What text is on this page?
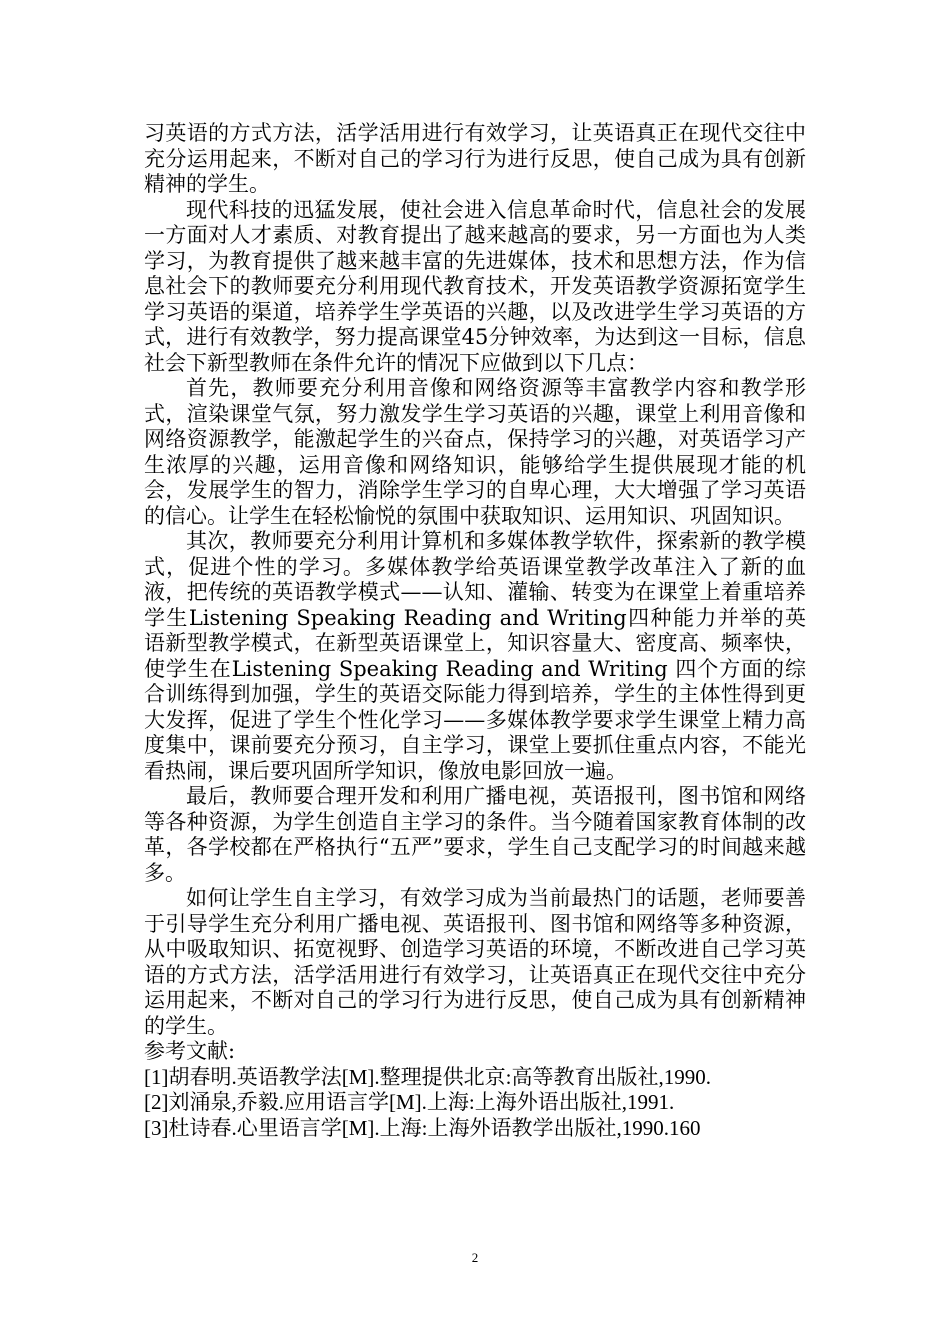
习英语的方式方法，活学活用进行有效学习，让英语真正在现代交往中充分运用起来，不断对自己的学习行为进行反思，使自己成为具有创新精神的学生。

现代科技的迅猛发展，使社会进入信息革命时代，信息社会的发展一方面对人才素质、对教育提出了越来越高的要求，另一方面也为人类学习，为教育提供了越来越丰富的先进媒体，技术和思想方法，作为信息社会下的教师要充分利用现代教育技术，开发英语教学资源拓宽学生学习英语的渠道，培养学生学英语的兴趣，以及改进学生学习英语的方式，进行有效教学，努力提高课堂45分钟效率，为达到这一目标，信息社会下新型教师在条件允许的情况下应做到以下几点：

首先，教师要充分利用音像和网络资源等丰富教学内容和教学形式，渲染课堂气氛，努力激发学生学习英语的兴趣，课堂上利用音像和网络资源教学，能激起学生的兴奋点，保持学习的兴趣，对英语学习产生浓厚的兴趣，运用音像和网络知识，能够给学生提供展现才能的机会，发展学生的智力，消除学生学习的自卑心理，大大增强了学习英语的信心。让学生在轻松愉悦的氛围中获取知识、运用知识、巩固知识。

其次，教师要充分利用计算机和多媒体教学软件，探索新的教学模式，促进个性的学习。多媒体教学给英语课堂教学改革注入了新的血液，把传统的英语教学模式——认知、灌输、转变为在课堂上着重培养学生Listening Speaking Reading and Writing四种能力并举的英语新型教学模式，在新型英语课堂上，知识容量大、密度高、频率快，使学生在Listening Speaking Reading and Writing 四个方面的综合训练得到加强，学生的英语交际能力得到培养，学生的主体性得到更大发挥，促进了学生个性化学习——多媒体教学要求学生课堂上精力高度集中，课前要充分预习，自主学习，课堂上要抓住重点内容，不能光看热闹，课后要巩固所学知识，像放电影回放一遍。

最后，教师要合理开发和利用广播电视，英语报刊，图书馆和网络等各种资源，为学生创造自主学习的条件。当今随着国家教育体制的改革，各学校都在严格执行“五严”要求，学生自己支配学习的时间越来越多。

如何让学生自主学习，有效学习成为当前最热门的话题，老师要善于引导学生充分利用广播电视、英语报刊、图书馆和网络等多种资源，从中吸取知识、拓宽视野、创造学习英语的环境，不断改进自己学习英语的方式方法，活学活用进行有效学习，让英语真正在现代交往中充分运用起来，不断对自己的学习行为进行反思，使自己成为具有创新精神的学生。

参考文献:

[1]胡春明.英语教学法[M].整理提供北京:高等教育出版社,1990.

[2]刘涌泉,乔毅.应用语言学[M].上海:上海外语出版社,1991.

[3]杜诗春.心里语言学[M].上海:上海外语教学出版社,1990.160

2
